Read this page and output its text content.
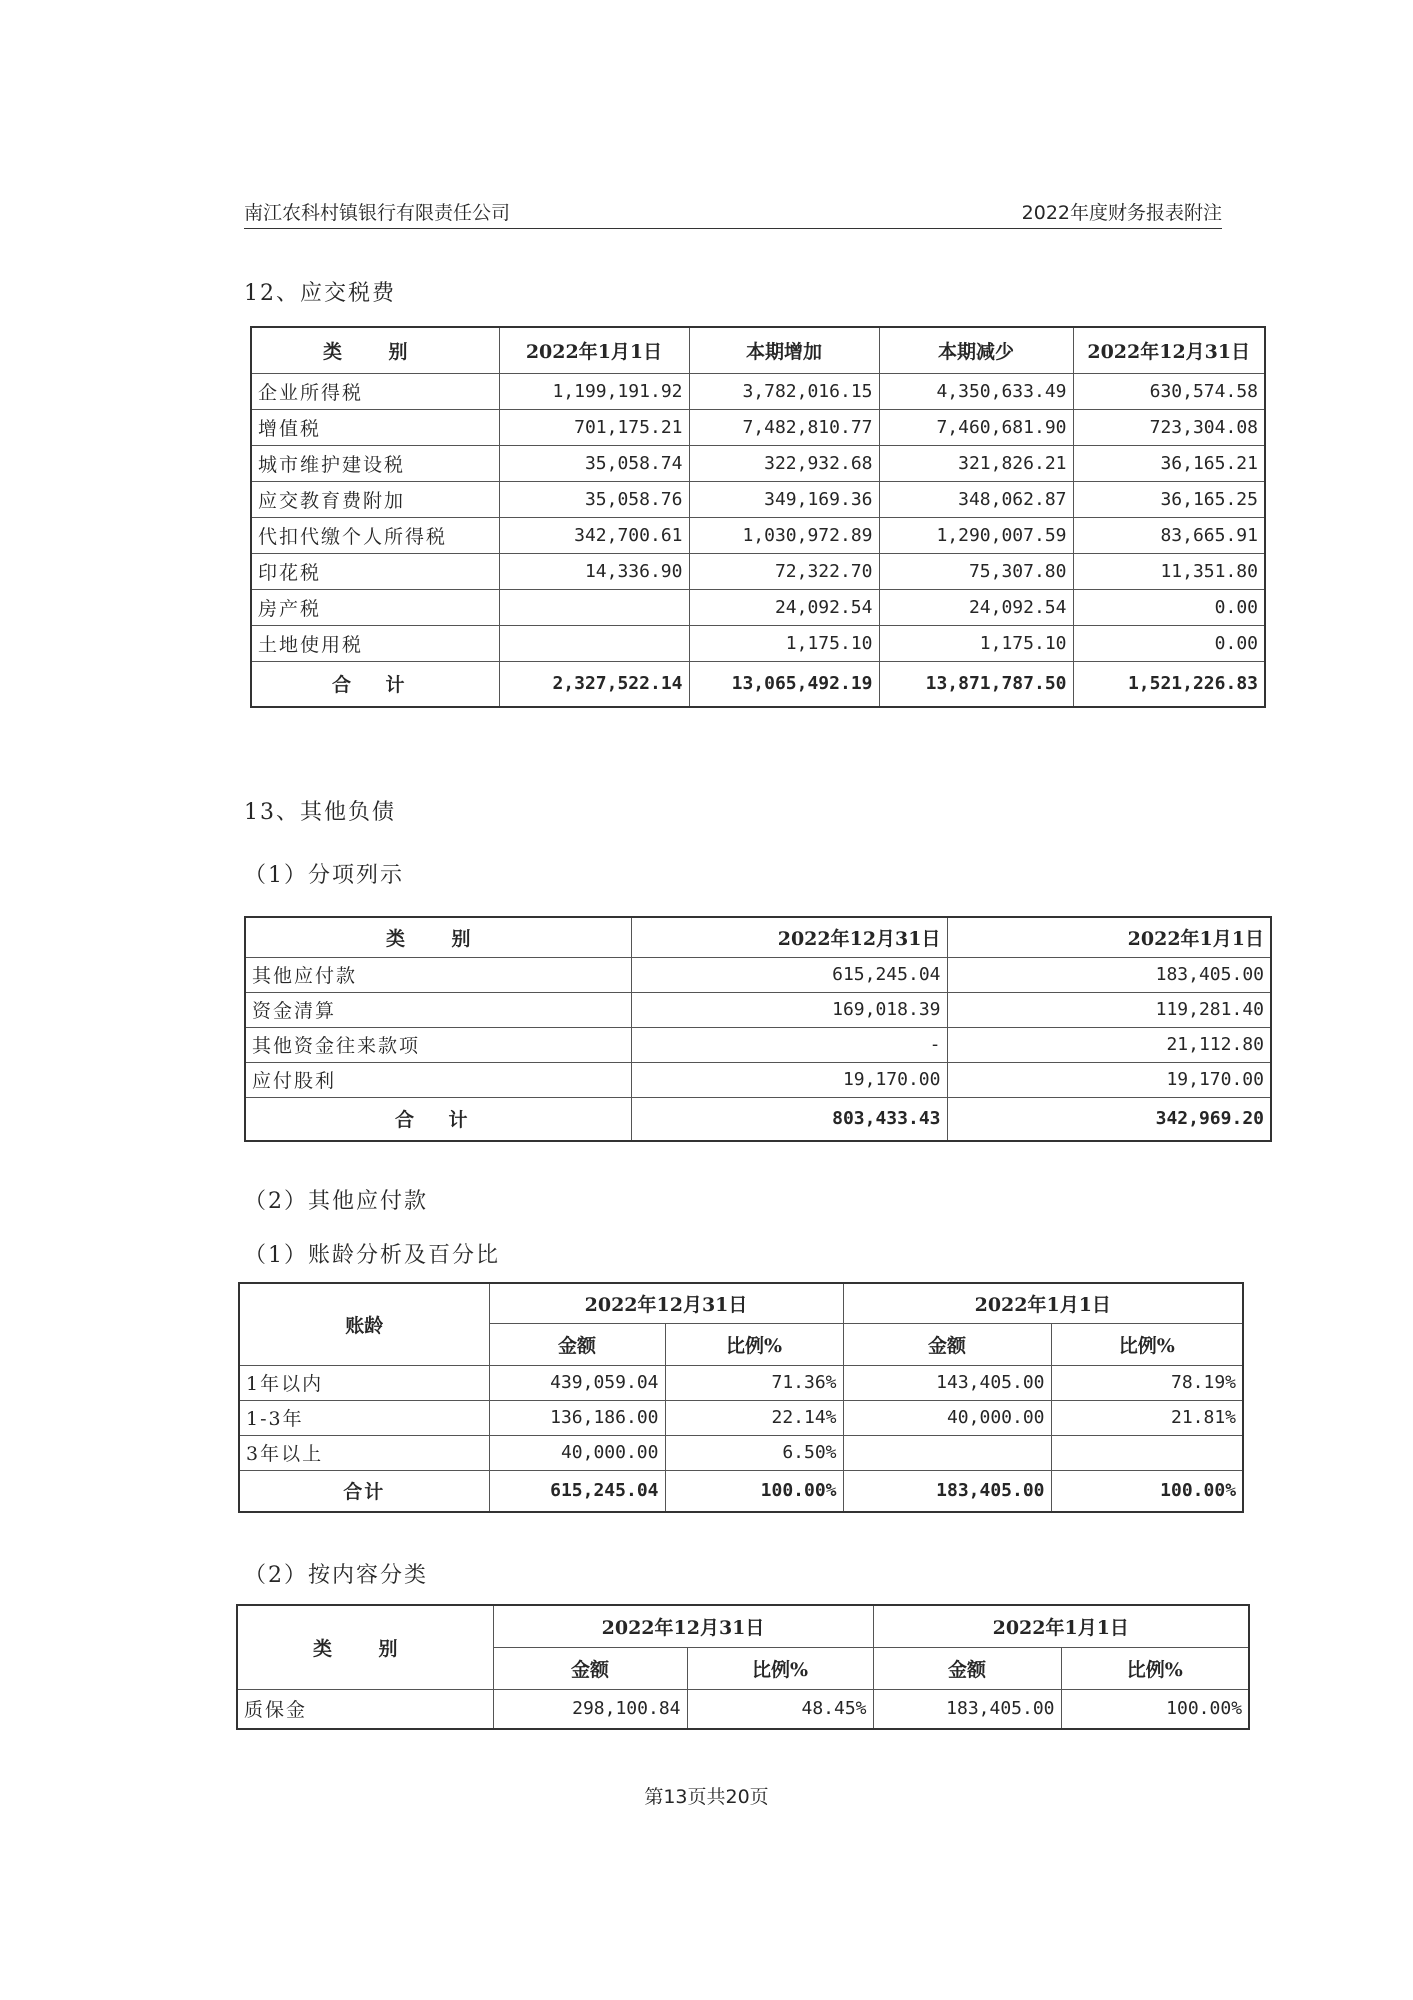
南江农科村镇银行有限责任公司	2022年度财务报表附注
12、应交税费
类 别	2022年1月1日	本期增加	本期减少	2022年12月31日
企业所得税	1,199,191.92	3,782,016.15	4,350,633.49	630,574.58
增值税	701,175.21	7,482,810.77	7,460,681.90	723,304.08
城市维护建设税	35,058.74	322,932.68	321,826.21	36,165.21
应交教育费附加	35,058.76	349,169.36	348,062.87	36,165.25
代扣代缴个人所得税	342,700.61	1,030,972.89	1,290,007.59	83,665.91
印花税	14,336.90	72,322.70	75,307.80	11,351.80
房产税		24,092.54	24,092.54	0.00
土地使用税		1,175.10	1,175.10	0.00
合 计	2,327,522.14	13,065,492.19	13,871,787.50	1,521,226.83
13、其他负债
（1）分项列示
类 别	2022年12月31日	2022年1月1日
其他应付款	615,245.04	183,405.00
资金清算	169,018.39	119,281.40
其他资金往来款项	-	21,112.80
应付股利	19,170.00	19,170.00
合 计	803,433.43	342,969.20
（2）其他应付款
（1）账龄分析及百分比
账龄	2022年12月31日		2022年1月1日	
	金额	比例%	金额	比例%
1年以内	439,059.04	71.36%	143,405.00	78.19%
1-3年	136,186.00	22.14%	40,000.00	21.81%
3年以上	40,000.00	6.50%		
合计	615,245.04	100.00%	183,405.00	100.00%
（2）按内容分类
类 别	2022年12月31日		2022年1月1日	
	金额	比例%	金额	比例%
质保金	298,100.84	48.45%	183,405.00	100.00%
第13页共20页
